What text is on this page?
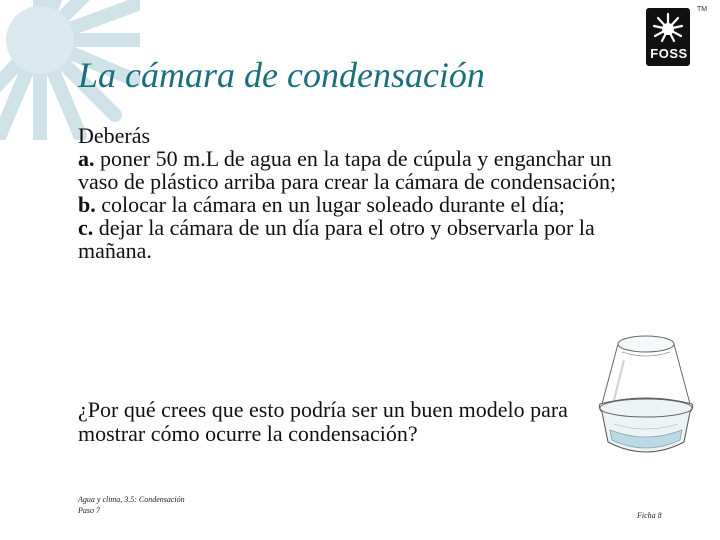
FOSS
TM
La cámara de condensación

Deberás

a. poner 50 m.L de agua en la tapa de cúpula y enganchar un vaso de plástico arriba para crear la cámara de condensación;

b. colocar la cámara en un lugar soleado durante el día;

c. dejar la cámara de un día para el otro y observarla por la mañana.

¿Por qué crees que esto podría ser un buen modelo para mostrar cómo ocurre la condensación?
Agua y clima, 3.5: Condensación
Paso 7
Ficha 8
